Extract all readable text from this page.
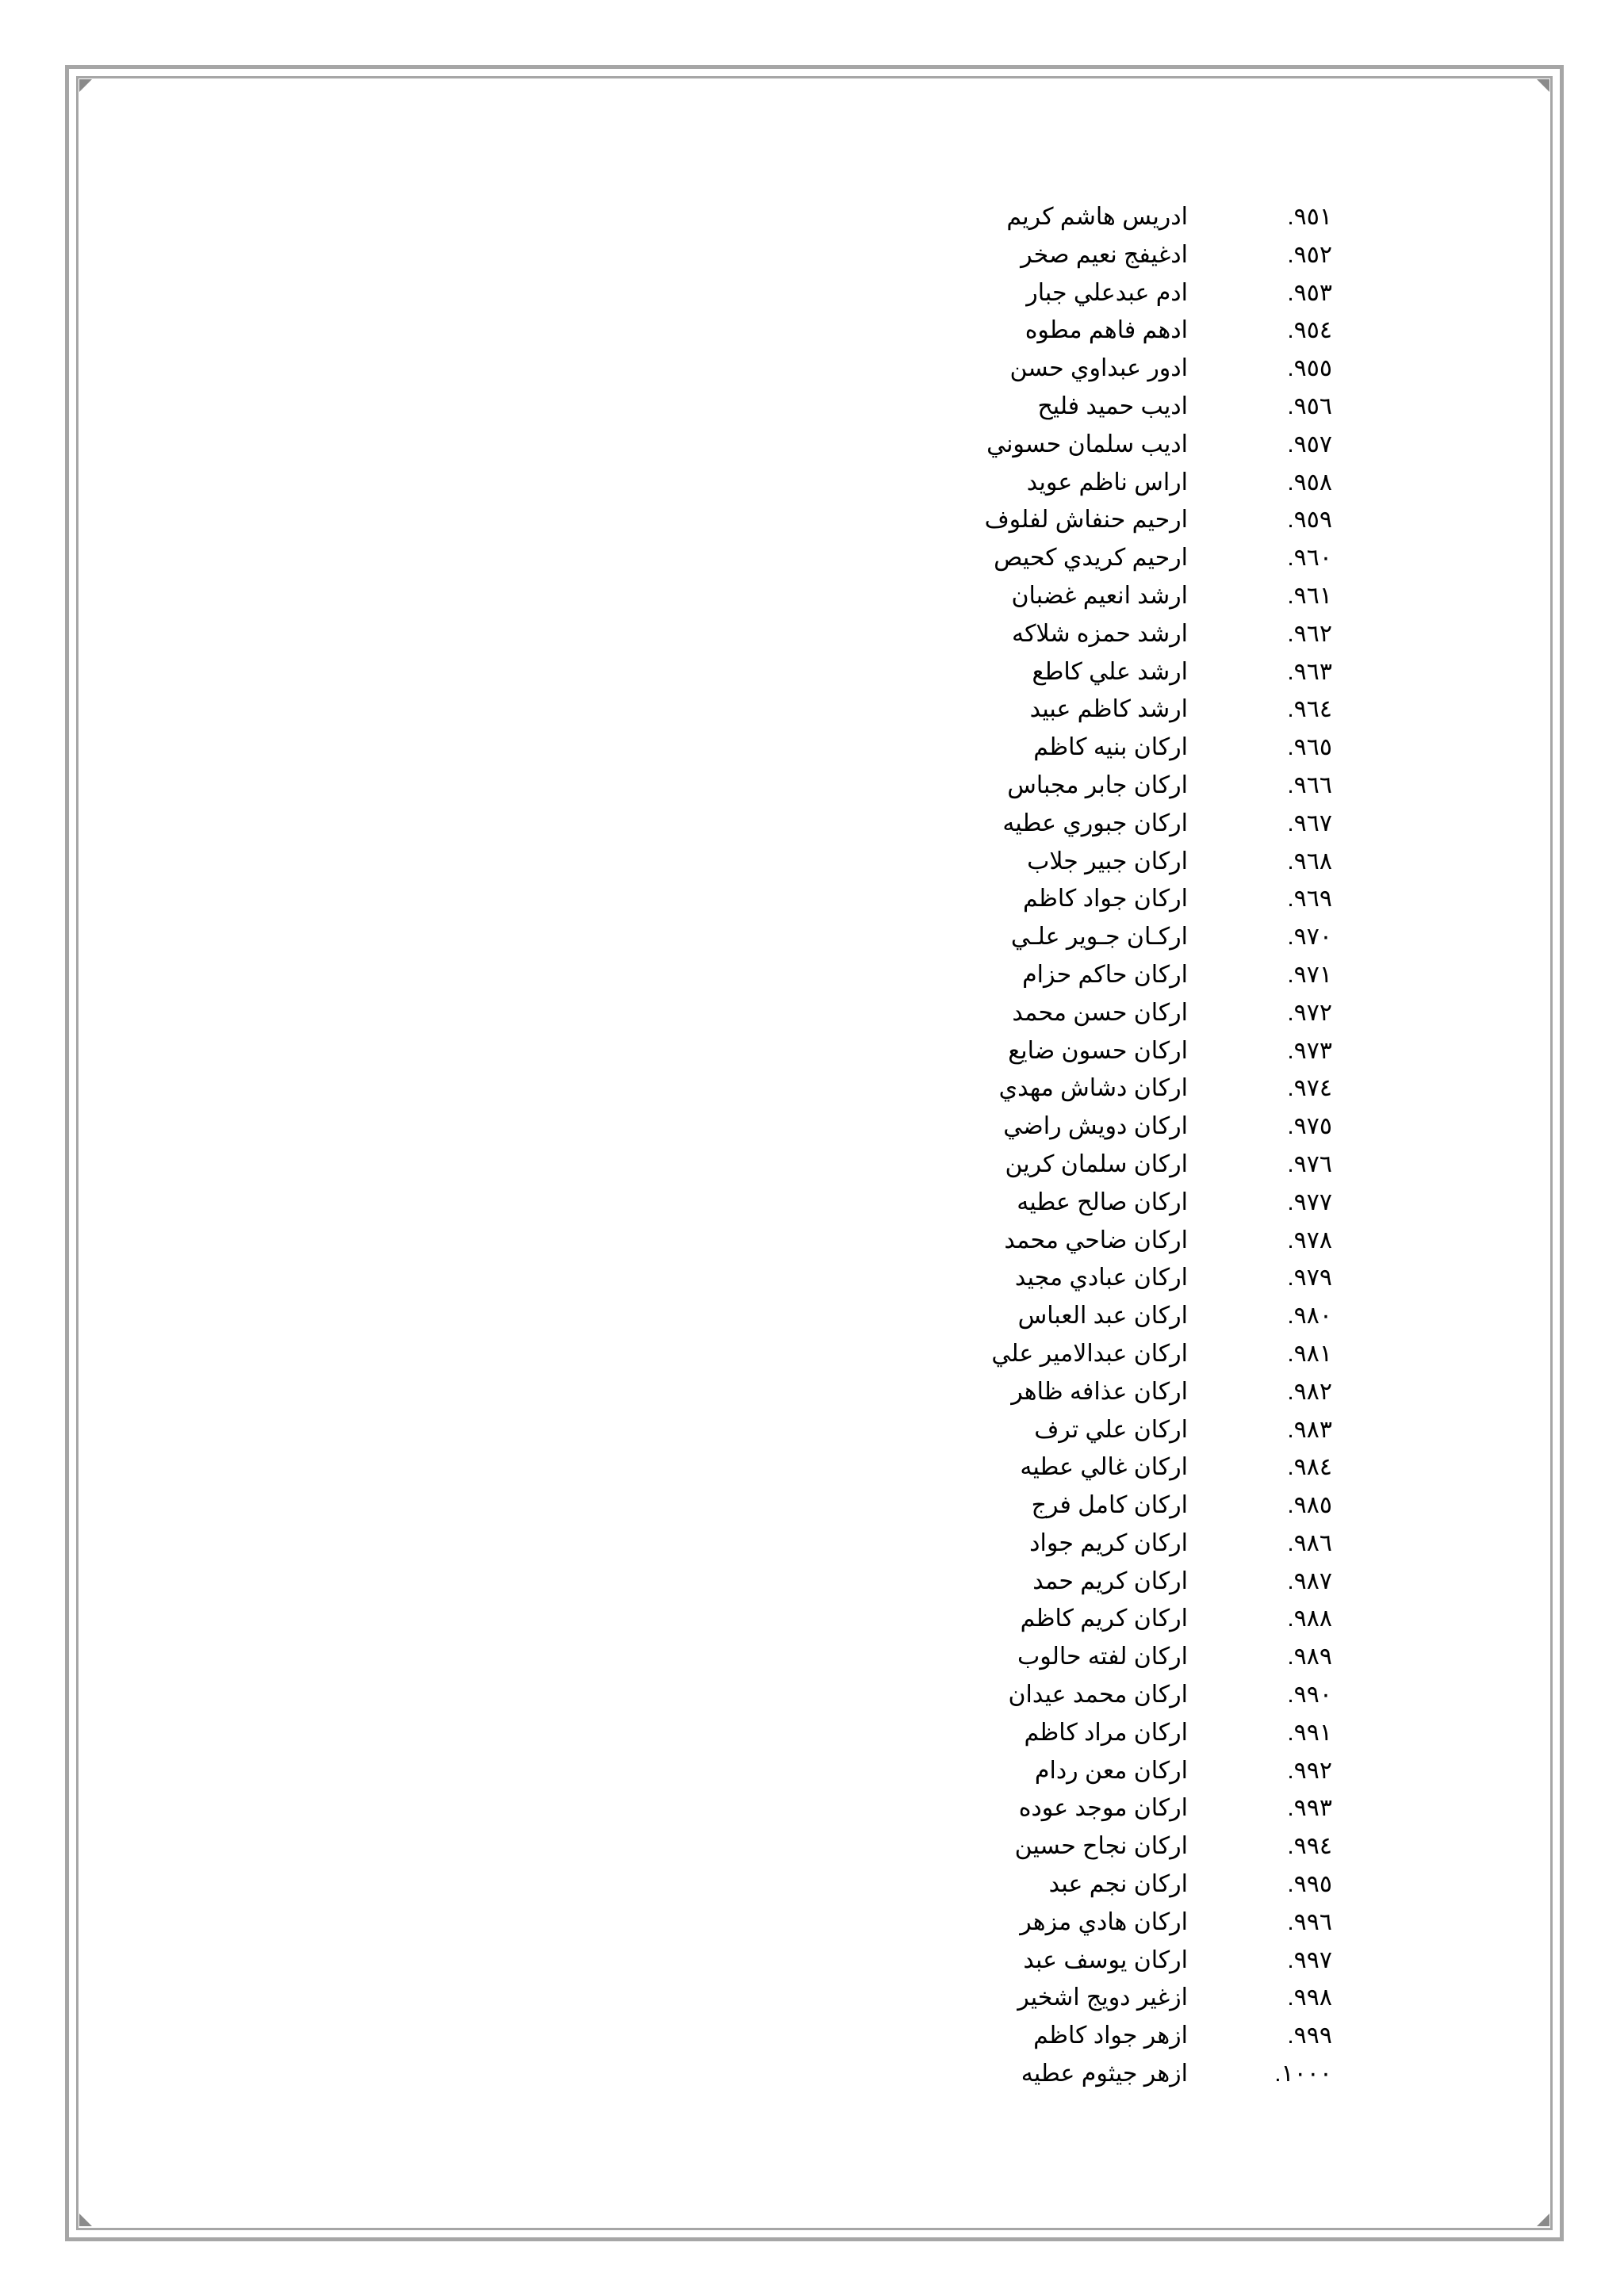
.٩٥١
ادريس هاشم كريم
.٩٥٢
ادغيفج نعيم صخر
.٩٥٣
ادم عبدعلي جبار
.٩٥٤
ادهم فاهم مطوه
.٩٥٥
ادور عبداوي حسن
.٩٥٦
اديب حميد فليح
.٩٥٧
اديب سلمان حسوني
.٩٥٨
اراس ناظم عويد
.٩٥٩
ارحيم حنفاش لفلوف
.٩٦٠
ارحيم كريدي كحيص
.٩٦١
ارشد انعيم غضبان
.٩٦٢
ارشد حمزه شلاكه
.٩٦٣
ارشد علي كاطع
.٩٦٤
ارشد كاظم عبيد
.٩٦٥
اركان بنيه كاظم
.٩٦٦
اركان جابر مجباس
.٩٦٧
اركان جبوري عطيه
.٩٦٨
اركان جبير جلاب
.٩٦٩
اركان جواد كاظم
.٩٧٠
اركـان جـوير علـي
.٩٧١
اركان حاكم حزام
.٩٧٢
اركان حسن محمد
.٩٧٣
اركان حسون ضايع
.٩٧٤
اركان دشاش مهدي
.٩٧٥
اركان دويش راضي
.٩٧٦
اركان سلمان كرين
.٩٧٧
اركان صالح عطيه
.٩٧٨
اركان ضاحي محمد
.٩٧٩
اركان عبادي مجيد
.٩٨٠
اركان عبد العباس
.٩٨١
اركان عبدالامير علي
.٩٨٢
اركان عذافه ظاهر
.٩٨٣
اركان علي ترف
.٩٨٤
اركان غالي عطيه
.٩٨٥
اركان كامل فرج
.٩٨٦
اركان كريم جواد
.٩٨٧
اركان كريم حمد
.٩٨٨
اركان كريم كاظم
.٩٨٩
اركان لفته حالوب
.٩٩٠
اركان محمد عيدان
.٩٩١
اركان مراد كاظم
.٩٩٢
اركان معن ردام
.٩٩٣
اركان موجد عوده
.٩٩٤
اركان نجاح حسين
.٩٩٥
اركان نجم عبد
.٩٩٦
اركان هادي مزهر
.٩٩٧
اركان يوسف عبد
.٩٩٨
ازغير دويج اشخير
.٩٩٩
ازهر جواد كاظم
.١٠٠٠
ازهر جيثوم عطيه
